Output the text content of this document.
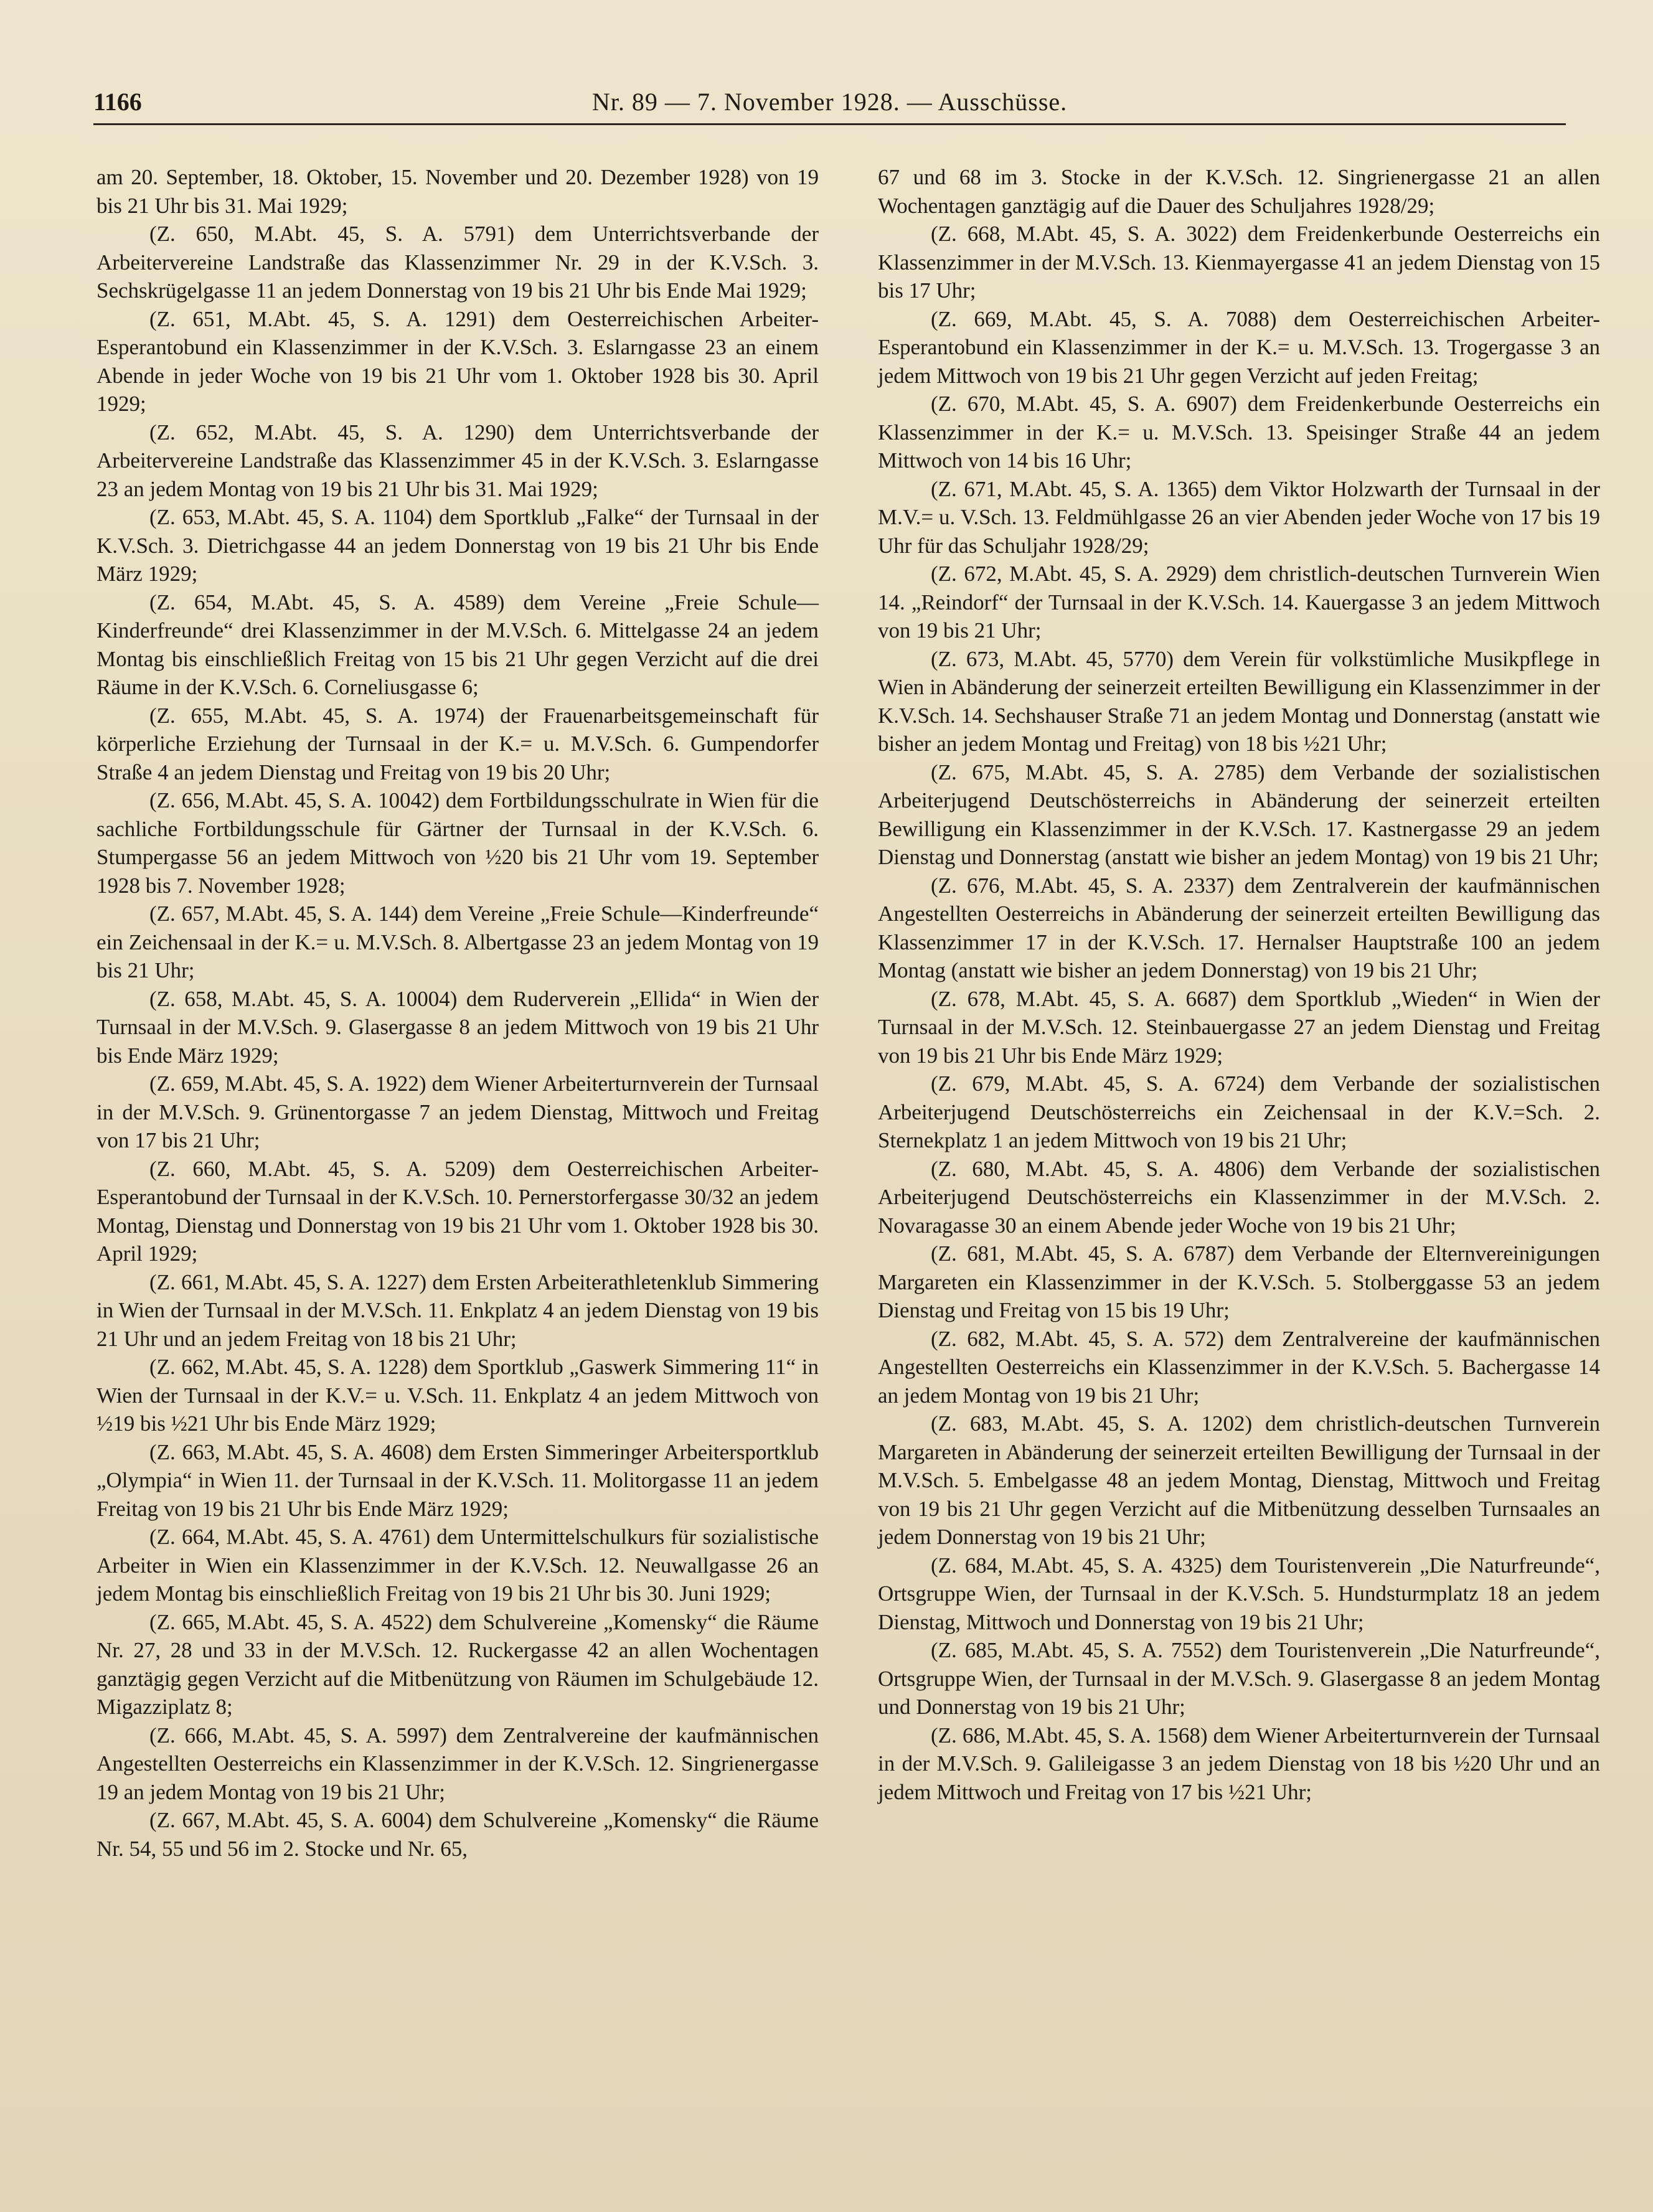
1166	Nr. 89 — 7. November 1928. — Ausschüsse.

am 20. September, 18. Oktober, 15. November und 20. Dezember 1928) von 19 bis 21 Uhr bis 31. Mai 1929;

(Z. 650, M.Abt. 45, S. A. 5791) dem Unterrichtsverbande der Arbeitervereine Landstraße das Klassenzimmer Nr. 29 in der K.V.Sch. 3. Sechskrügelgasse 11 an jedem Donnerstag von 19 bis 21 Uhr bis Ende Mai 1929;

(Z. 651, M.Abt. 45, S. A. 1291) dem Oesterreichischen Arbeiter-Esperantobund ein Klassenzimmer in der K.V.Sch. 3. Eslarngasse 23 an einem Abende in jeder Woche von 19 bis 21 Uhr vom 1. Oktober 1928 bis 30. April 1929;

(Z. 652, M.Abt. 45, S. A. 1290) dem Unterrichtsverbande der Arbeitervereine Landstraße das Klassenzimmer 45 in der K.V.Sch. 3. Eslarngasse 23 an jedem Montag von 19 bis 21 Uhr bis 31. Mai 1929;

(Z. 653, M.Abt. 45, S. A. 1104) dem Sportklub „Falke“ der Turnsaal in der K.V.Sch. 3. Dietrichgasse 44 an jedem Donnerstag von 19 bis 21 Uhr bis Ende März 1929;

(Z. 654, M.Abt. 45, S. A. 4589) dem Vereine „Freie Schule—Kinderfreunde“ drei Klassenzimmer in der M.V.Sch. 6. Mittelgasse 24 an jedem Montag bis einschließlich Freitag von 15 bis 21 Uhr gegen Verzicht auf die drei Räume in der K.V.Sch. 6. Corneliusgasse 6;

(Z. 655, M.Abt. 45, S. A. 1974) der Frauenarbeitsgemeinschaft für körperliche Erziehung der Turnsaal in der K.= u. M.V.Sch. 6. Gumpendorfer Straße 4 an jedem Dienstag und Freitag von 19 bis 20 Uhr;

(Z. 656, M.Abt. 45, S. A. 10042) dem Fortbildungsschulrate in Wien für die sachliche Fortbildungsschule für Gärtner der Turnsaal in der K.V.Sch. 6. Stumpergasse 56 an jedem Mittwoch von ½20 bis 21 Uhr vom 19. September 1928 bis 7. November 1928;

(Z. 657, M.Abt. 45, S. A. 144) dem Vereine „Freie Schule—Kinderfreunde“ ein Zeichensaal in der K.= u. M.V.Sch. 8. Albertgasse 23 an jedem Montag von 19 bis 21 Uhr;

(Z. 658, M.Abt. 45, S. A. 10004) dem Ruderverein „Ellida“ in Wien der Turnsaal in der M.V.Sch. 9. Glasergasse 8 an jedem Mittwoch von 19 bis 21 Uhr bis Ende März 1929;

(Z. 659, M.Abt. 45, S. A. 1922) dem Wiener Arbeiterturnverein der Turnsaal in der M.V.Sch. 9. Grünentorgasse 7 an jedem Dienstag, Mittwoch und Freitag von 17 bis 21 Uhr;

(Z. 660, M.Abt. 45, S. A. 5209) dem Oesterreichischen Arbeiter-Esperantobund der Turnsaal in der K.V.Sch. 10. Pernerstorfergasse 30/32 an jedem Montag, Dienstag und Donnerstag von 19 bis 21 Uhr vom 1. Oktober 1928 bis 30. April 1929;

(Z. 661, M.Abt. 45, S. A. 1227) dem Ersten Arbeiterathletenklub Simmering in Wien der Turnsaal in der M.V.Sch. 11. Enkplatz 4 an jedem Dienstag von 19 bis 21 Uhr und an jedem Freitag von 18 bis 21 Uhr;

(Z. 662, M.Abt. 45, S. A. 1228) dem Sportklub „Gaswerk Simmering 11“ in Wien der Turnsaal in der K.V.= u. V.Sch. 11. Enkplatz 4 an jedem Mittwoch von ½19 bis ½21 Uhr bis Ende März 1929;

(Z. 663, M.Abt. 45, S. A. 4608) dem Ersten Simmeringer Arbeitersportklub „Olympia“ in Wien 11. der Turnsaal in der K.V.Sch. 11. Molitorgasse 11 an jedem Freitag von 19 bis 21 Uhr bis Ende März 1929;

(Z. 664, M.Abt. 45, S. A. 4761) dem Untermittelschulkurs für sozialistische Arbeiter in Wien ein Klassenzimmer in der K.V.Sch. 12. Neuwallgasse 26 an jedem Montag bis einschließlich Freitag von 19 bis 21 Uhr bis 30. Juni 1929;

(Z. 665, M.Abt. 45, S. A. 4522) dem Schulvereine „Komensky“ die Räume Nr. 27, 28 und 33 in der M.V.Sch. 12. Ruckergasse 42 an allen Wochentagen ganztägig gegen Verzicht auf die Mitbenützung von Räumen im Schulgebäude 12. Migazziplatz 8;

(Z. 666, M.Abt. 45, S. A. 5997) dem Zentralvereine der kaufmännischen Angestellten Oesterreichs ein Klassenzimmer in der K.V.Sch. 12. Singrienergasse 19 an jedem Montag von 19 bis 21 Uhr;

(Z. 667, M.Abt. 45, S. A. 6004) dem Schulvereine „Komensky“ die Räume Nr. 54, 55 und 56 im 2. Stocke und Nr. 65,

67 und 68 im 3. Stocke in der K.V.Sch. 12. Singrienergasse 21 an allen Wochentagen ganztägig auf die Dauer des Schuljahres 1928/29;

(Z. 668, M.Abt. 45, S. A. 3022) dem Freidenkerbunde Oesterreichs ein Klassenzimmer in der M.V.Sch. 13. Kienmayergasse 41 an jedem Dienstag von 15 bis 17 Uhr;

(Z. 669, M.Abt. 45, S. A. 7088) dem Oesterreichischen Arbeiter-Esperantobund ein Klassenzimmer in der K.= u. M.V.Sch. 13. Trogergasse 3 an jedem Mittwoch von 19 bis 21 Uhr gegen Verzicht auf jeden Freitag;

(Z. 670, M.Abt. 45, S. A. 6907) dem Freidenkerbunde Oesterreichs ein Klassenzimmer in der K.= u. M.V.Sch. 13. Speisinger Straße 44 an jedem Mittwoch von 14 bis 16 Uhr;

(Z. 671, M.Abt. 45, S. A. 1365) dem Viktor Holzwarth der Turnsaal in der M.V.= u. V.Sch. 13. Feldmühlgasse 26 an vier Abenden jeder Woche von 17 bis 19 Uhr für das Schuljahr 1928/29;

(Z. 672, M.Abt. 45, S. A. 2929) dem christlich-deutschen Turnverein Wien 14. „Reindorf“ der Turnsaal in der K.V.Sch. 14. Kauergasse 3 an jedem Mittwoch von 19 bis 21 Uhr;

(Z. 673, M.Abt. 45, 5770) dem Verein für volkstümliche Musikpflege in Wien in Abänderung der seinerzeit erteilten Bewilligung ein Klassenzimmer in der K.V.Sch. 14. Sechshauser Straße 71 an jedem Montag und Donnerstag (anstatt wie bisher an jedem Montag und Freitag) von 18 bis ½21 Uhr;

(Z. 675, M.Abt. 45, S. A. 2785) dem Verbande der sozialistischen Arbeiterjugend Deutschösterreichs in Abänderung der seinerzeit erteilten Bewilligung ein Klassenzimmer in der K.V.Sch. 17. Kastnergasse 29 an jedem Dienstag und Donnerstag (anstatt wie bisher an jedem Montag) von 19 bis 21 Uhr;

(Z. 676, M.Abt. 45, S. A. 2337) dem Zentralverein der kaufmännischen Angestellten Oesterreichs in Abänderung der seinerzeit erteilten Bewilligung das Klassenzimmer 17 in der K.V.Sch. 17. Hernalser Hauptstraße 100 an jedem Montag (anstatt wie bisher an jedem Donnerstag) von 19 bis 21 Uhr;

(Z. 678, M.Abt. 45, S. A. 6687) dem Sportklub „Wieden“ in Wien der Turnsaal in der M.V.Sch. 12. Steinbauergasse 27 an jedem Dienstag und Freitag von 19 bis 21 Uhr bis Ende März 1929;

(Z. 679, M.Abt. 45, S. A. 6724) dem Verbande der sozialistischen Arbeiterjugend Deutschösterreichs ein Zeichensaal in der K.V.=Sch. 2. Sternekplatz 1 an jedem Mittwoch von 19 bis 21 Uhr;

(Z. 680, M.Abt. 45, S. A. 4806) dem Verbande der sozialistischen Arbeiterjugend Deutschösterreichs ein Klassenzimmer in der M.V.Sch. 2. Novaragasse 30 an einem Abende jeder Woche von 19 bis 21 Uhr;

(Z. 681, M.Abt. 45, S. A. 6787) dem Verbande der Elternvereinigungen Margareten ein Klassenzimmer in der K.V.Sch. 5. Stolberggasse 53 an jedem Dienstag und Freitag von 15 bis 19 Uhr;

(Z. 682, M.Abt. 45, S. A. 572) dem Zentralvereine der kaufmännischen Angestellten Oesterreichs ein Klassenzimmer in der K.V.Sch. 5. Bachergasse 14 an jedem Montag von 19 bis 21 Uhr;

(Z. 683, M.Abt. 45, S. A. 1202) dem christlich-deutschen Turnverein Margareten in Abänderung der seinerzeit erteilten Bewilligung der Turnsaal in der M.V.Sch. 5. Embelgasse 48 an jedem Montag, Dienstag, Mittwoch und Freitag von 19 bis 21 Uhr gegen Verzicht auf die Mitbenützung desselben Turnsaales an jedem Donnerstag von 19 bis 21 Uhr;

(Z. 684, M.Abt. 45, S. A. 4325) dem Touristenverein „Die Naturfreunde“, Ortsgruppe Wien, der Turnsaal in der K.V.Sch. 5. Hundsturmplatz 18 an jedem Dienstag, Mittwoch und Donnerstag von 19 bis 21 Uhr;

(Z. 685, M.Abt. 45, S. A. 7552) dem Touristenverein „Die Naturfreunde“, Ortsgruppe Wien, der Turnsaal in der M.V.Sch. 9. Glasergasse 8 an jedem Montag und Donnerstag von 19 bis 21 Uhr;

(Z. 686, M.Abt. 45, S. A. 1568) dem Wiener Arbeiterturnverein der Turnsaal in der M.V.Sch. 9. Galileigasse 3 an jedem Dienstag von 18 bis ½20 Uhr und an jedem Mittwoch und Freitag von 17 bis ½21 Uhr;
